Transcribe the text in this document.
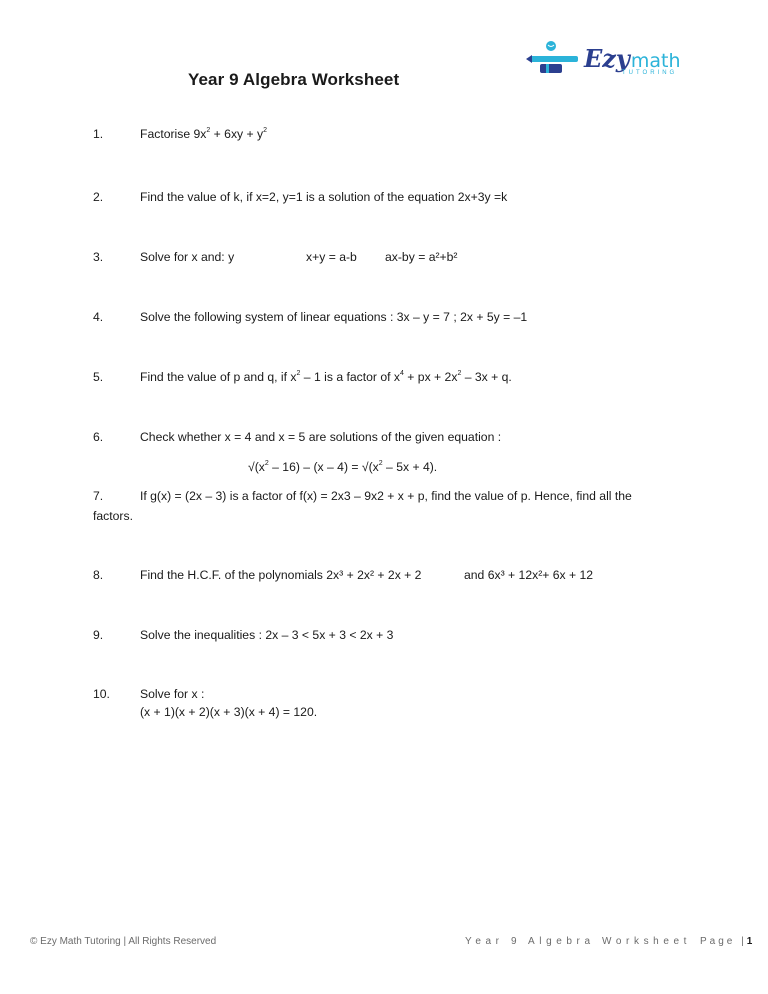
Ezymath
TUTORING
Year 9 Algebra Worksheet
1.	Factorise $9x^2 + 6xy + y^2$
2.	Find the value of k, if x=2, y=1 is a solution of the equation 2x+3y =k
3.	Solve for x and: y	x+y = a-b ax-by = a²+b²
4.	Solve the following system of linear equations : 3x – y = 7 ; 2x + 5y = –1
5.	Find the value of p and q, if $x^2 - 1$ is a factor of $x^4$ + px + $2x^2 - 3x + q$.
6.	Check whether x = 4 and x = 5 are solutions of the given equation :
$√(x^2 - 16) - (x - 4) = √(x^2 - 5x + 4)$.
7.	If g(x) = (2x – 3) is a factor of f(x) = 2x3 – 9x2 + x + p, find the value of p. Hence, find all the
factors.
8.	Find the H.C.F. of the polynomials 2x³ + 2x² + 2x + 2	and 6x³ + 12x²+ 6x + 12
9.	Solve the inequalities : 2x – 3 < 5x + 3 < 2x + 3
10. Solve for x :
(x + 1)(x + 2)(x + 3)(x + 4) = 120.
© Ezy Math Tutoring | All Rights Reserved	Year 9 Algebra Worksheet Page |1
